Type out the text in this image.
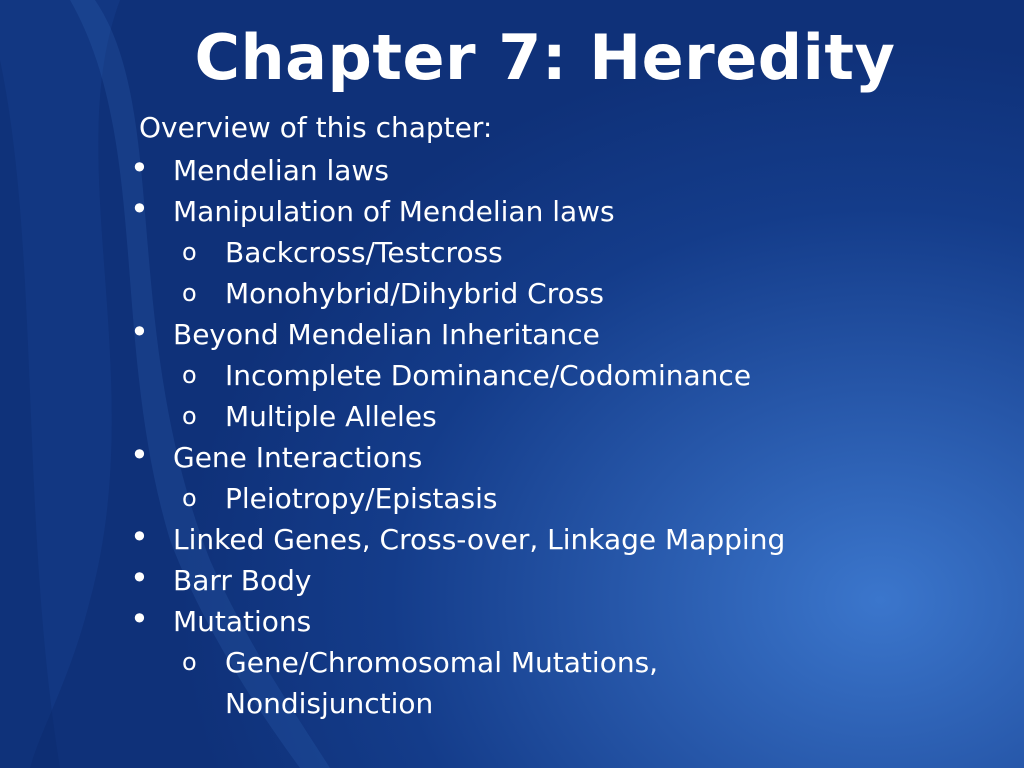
Chapter 7: Heredity

Overview of this chapter:

• Mendelian laws
• Manipulation of Mendelian laws
o	Backcross/Testcross
o	Monohybrid/Dihybrid Cross
• Beyond Mendelian Inheritance
o	Incomplete Dominance/Codominance
o	Multiple Alleles
• Gene Interactions
o	Pleiotropy/Epistasis
• Linked Genes, Cross-over, Linkage Mapping
• Barr Body
• Mutations
o	Gene/Chromosomal Mutations, Nondisjunction
